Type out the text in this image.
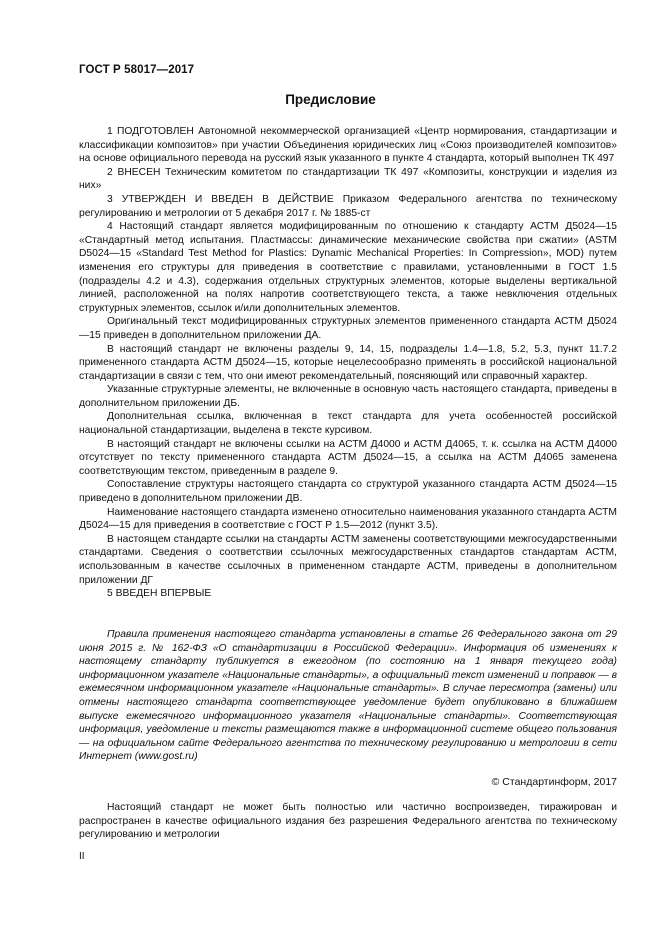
ГОСТ Р 58017—2017
Предисловие

1 ПОДГОТОВЛЕН Автономной некоммерческой организацией «Центр нормирования, стандартизации и классификации композитов» при участии Объединения юридических лиц «Союз производителей композитов» на основе официального перевода на русский язык указанного в пункте 4 стандарта, который выполнен ТК 497

2 ВНЕСЕН Техническим комитетом по стандартизации ТК 497 «Композиты, конструкции и изделия из них»

3 УТВЕРЖДЕН И ВВЕДЕН В ДЕЙСТВИЕ Приказом Федерального агентства по техническому регулированию и метрологии от 5 декабря 2017 г. № 1885-ст

4 Настоящий стандарт является модифицированным по отношению к стандарту АСТМ Д5024—15 «Стандартный метод испытания. Пластмассы: динамические механические свойства при сжатии» (ASTM D5024—15 «Standard Test Method for Plastics: Dynamic Mechanical Properties: In Compression», MOD) путем изменения его структуры для приведения в соответствие с правилами, установленными в ГОСТ 1.5 (подразделы 4.2 и 4.3), содержания отдельных структурных элементов, которые выделены вертикальной линией, расположенной на полях напротив соответствующего текста, а также невключения отдельных структурных элементов, ссылок и/или дополнительных элементов.

Оригинальный текст модифицированных структурных элементов примененного стандарта АСТМ Д5024—15 приведен в дополнительном приложении ДА.

В настоящий стандарт не включены разделы 9, 14, 15, подразделы 1.4—1.8, 5.2, 5.3, пункт 11.7.2 примененного стандарта АСТМ Д5024—15, которые нецелесообразно применять в российской национальной стандартизации в связи с тем, что они имеют рекомендательный, поясняющий или справочный характер.

Указанные структурные элементы, не включенные в основную часть настоящего стандарта, приведены в дополнительном приложении ДБ.

Дополнительная ссылка, включенная в текст стандарта для учета особенностей российской национальной стандартизации, выделена в тексте курсивом.

В настоящий стандарт не включены ссылки на АСТМ Д4000 и АСТМ Д4065, т. к. ссылка на АСТМ Д4000 отсутствует по тексту примененного стандарта АСТМ Д5024—15, а ссылка на АСТМ Д4065 заменена соответствующим текстом, приведенным в разделе 9.

Сопоставление структуры настоящего стандарта со структурой указанного стандарта АСТМ Д5024—15 приведено в дополнительном приложении ДВ.

Наименование настоящего стандарта изменено относительно наименования указанного стандарта АСТМ Д5024—15 для приведения в соответствие с ГОСТ Р 1.5—2012 (пункт 3.5).

В настоящем стандарте ссылки на стандарты АСТМ заменены соответствующими межгосударственными стандартами. Сведения о соответствии ссылочных межгосударственных стандартов стандартам АСТМ, использованным в качестве ссылочных в примененном стандарте АСТМ, приведены в дополнительном приложении ДГ

5 ВВЕДЕН ВПЕРВЫЕ

Правила применения настоящего стандарта установлены в статье 26 Федерального закона от 29 июня 2015 г. № 162-ФЗ «О стандартизации в Российской Федерации». Информация об изменениях к настоящему стандарту публикуется в ежегодном (по состоянию на 1 января текущего года) информационном указателе «Национальные стандарты», а официальный текст изменений и поправок — в ежемесячном информационном указателе «Национальные стандарты». В случае пересмотра (замены) или отмены настоящего стандарта соответствующее уведомление будет опубликовано в ближайшем выпуске ежемесячного информационного указателя «Национальные стандарты». Соответствующая информация, уведомление и тексты размещаются также в информационной системе общего пользования — на официальном сайте Федерального агентства по техническому регулированию и метрологии в сети Интернет (www.gost.ru)

© Стандартинформ, 2017

Настоящий стандарт не может быть полностью или частично воспроизведен, тиражирован и распространен в качестве официального издания без разрешения Федерального агентства по техническому регулированию и метрологии

II
